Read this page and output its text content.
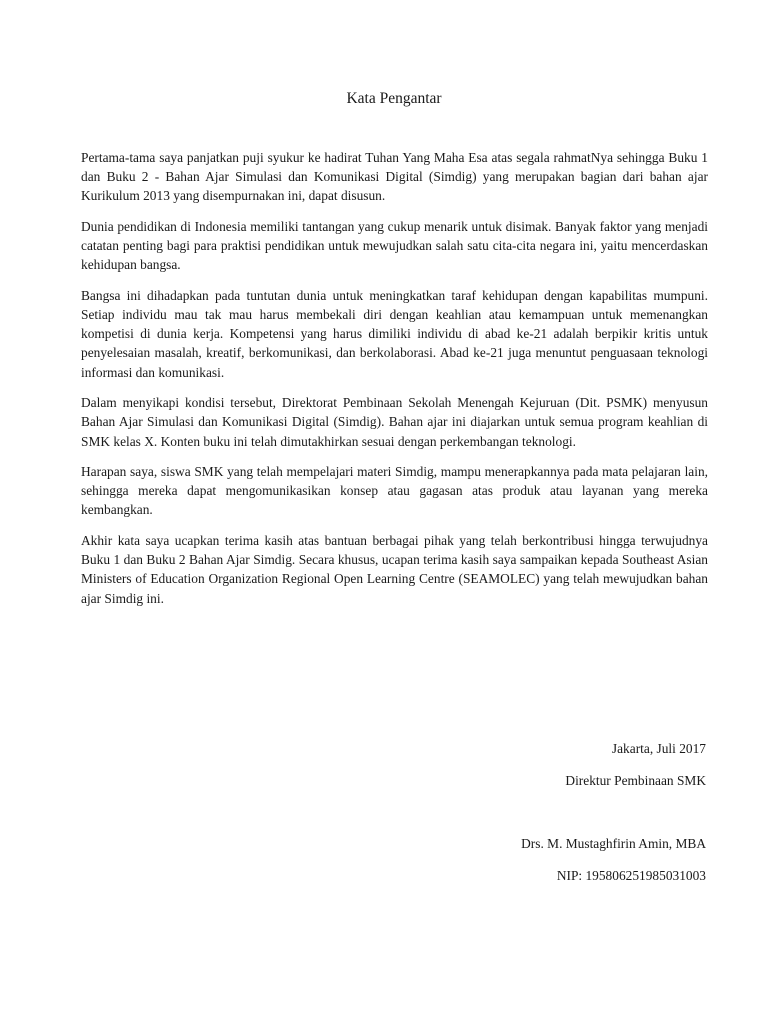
Kata Pengantar

Pertama-tama saya panjatkan puji syukur ke hadirat Tuhan Yang Maha Esa atas segala rahmatNya sehingga Buku 1 dan Buku 2 - Bahan Ajar Simulasi dan Komunikasi Digital (Simdig) yang merupakan bagian dari bahan ajar Kurikulum 2013 yang disempurnakan ini, dapat disusun.

Dunia pendidikan di Indonesia memiliki tantangan yang cukup menarik untuk disimak. Banyak faktor yang menjadi catatan penting bagi para praktisi pendidikan untuk mewujudkan salah satu cita-cita negara ini, yaitu mencerdaskan kehidupan bangsa.

Bangsa ini dihadapkan pada tuntutan dunia untuk meningkatkan taraf kehidupan dengan kapabilitas mumpuni. Setiap individu mau tak mau harus membekali diri dengan keahlian atau kemampuan untuk memenangkan kompetisi di dunia kerja. Kompetensi yang harus dimiliki individu di abad ke-21 adalah berpikir kritis untuk penyelesaian masalah, kreatif, berkomunikasi, dan berkolaborasi. Abad ke-21 juga menuntut penguasaan teknologi informasi dan komunikasi.

Dalam menyikapi kondisi tersebut, Direktorat Pembinaan Sekolah Menengah Kejuruan (Dit. PSMK) menyusun Bahan Ajar Simulasi dan Komunikasi Digital (Simdig). Bahan ajar ini diajarkan untuk semua program keahlian di SMK kelas X. Konten buku ini telah dimutakhirkan sesuai dengan perkembangan teknologi.

Harapan saya, siswa SMK yang telah mempelajari materi Simdig, mampu menerapkannya pada mata pelajaran lain, sehingga mereka dapat mengomunikasikan konsep atau gagasan atas produk atau layanan yang mereka kembangkan.

Akhir kata saya ucapkan terima kasih atas bantuan berbagai pihak yang telah berkontribusi hingga terwujudnya Buku 1 dan Buku 2 Bahan Ajar Simdig. Secara khusus, ucapan terima kasih saya sampaikan kepada Southeast Asian Ministers of Education Organization Regional Open Learning Centre (SEAMOLEC) yang telah mewujudkan bahan ajar Simdig ini.

Jakarta, Juli 2017
Direktur Pembinaan SMK
Drs. M. Mustaghfirin Amin, MBA
NIP: 195806251985031003
